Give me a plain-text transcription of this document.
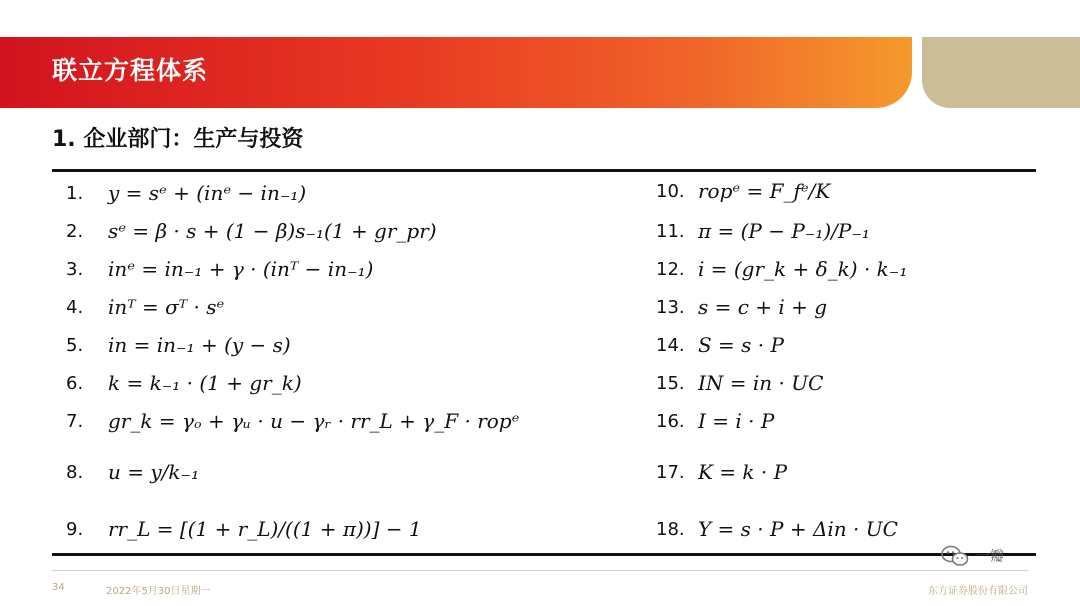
联立方程体系
1. 企业部门：生产与投资
1.	y = sᵉ + (inᵉ − in₋₁)
2.	sᵉ = β · s + (1 − β)s₋₁(1 + gr_pr)
3.	inᵉ = in₋₁ + γ · (inᵀ − in₋₁)
4.	inᵀ = σᵀ · sᵉ
5.	in = in₋₁ + (y − s)
6.	k = k₋₁ · (1 + gr_k)
7.	gr_k = γₒ + γᵤ · u − γᵣ · rr_L + γ_F · ropᵉ
8.	u = y/k₋₁
9.	rr_L = [(1 + r_L)/((1 + π))] − 1
10. ropᵉ = F_fᵉ/K
11. π = (P − P₋₁)/P₋₁
12. i = (gr_k + δ_k) · k₋₁
13. s = c + i + g
14. S = s · P
15. IN = in · UC
16. I = i · P
17. K = k · P
18. Y = s · P + Δin · UC
一瓣
34	2022年5月30日星期一	东方证券股份有限公司
